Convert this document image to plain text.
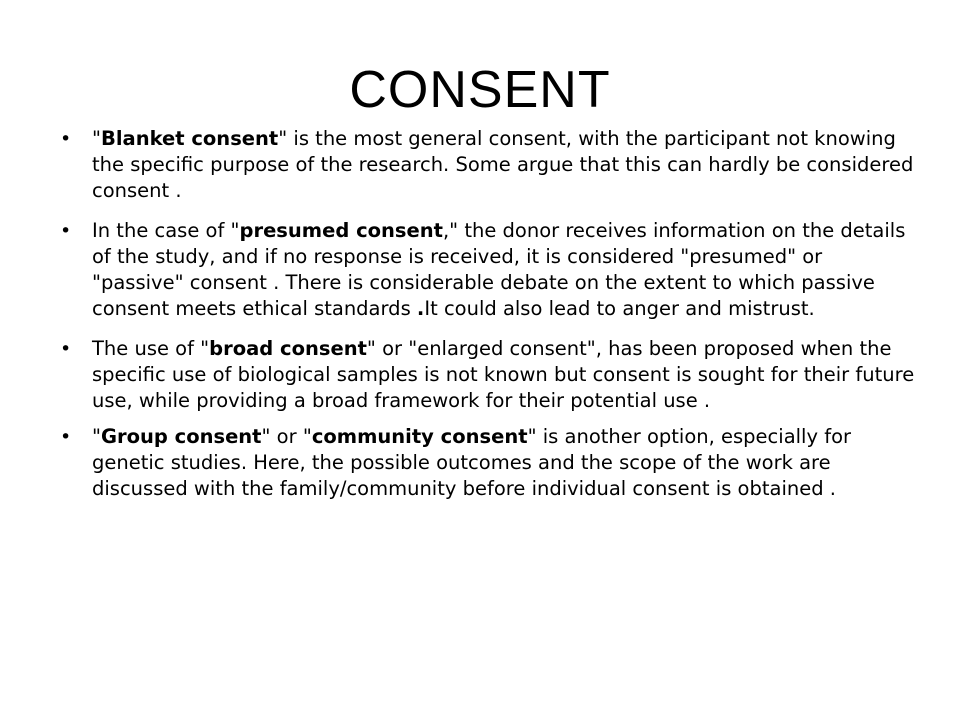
CONSENT
• "Blanket consent" is the most general consent, with the participant not knowing the specific purpose of the research. Some argue that this can hardly be considered consent .
• In the case of "presumed consent," the donor receives information on the details of the study, and if no response is received, it is considered "presumed" or "passive" consent . There is considerable debate on the extent to which passive consent meets ethical standards .It could also lead to anger and mistrust.
• The use of "broad consent" or "enlarged consent", has been proposed when the specific use of biological samples is not known but consent is sought for their future use, while providing a broad framework for their potential use .
• "Group consent" or "community consent" is another option, especially for genetic studies. Here, the possible outcomes and the scope of the work are discussed with the family/community before individual consent is obtained .
